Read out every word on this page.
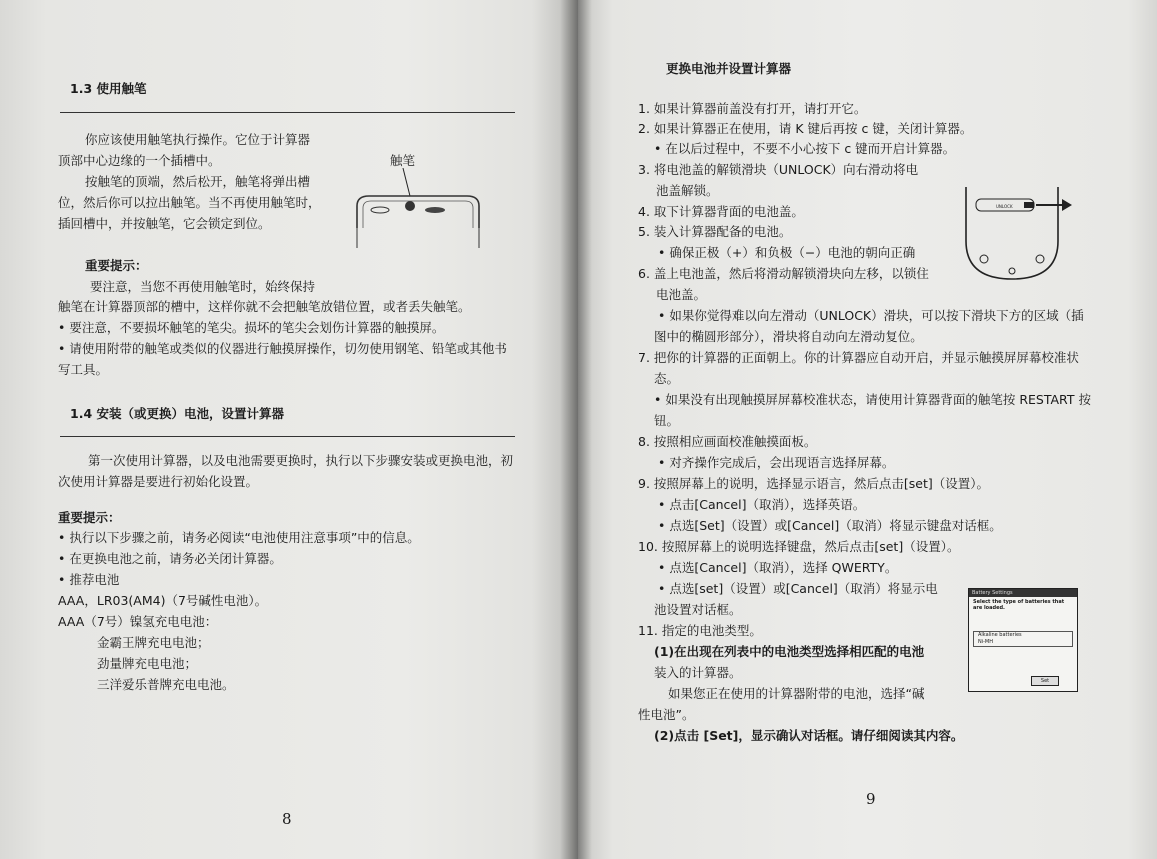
1.3 使用触笔
你应该使用触笔执行操作。它位于计算器
顶部中心边缘的一个插槽中。	触笔
按触笔的顶端，然后松开，触笔将弹出槽
位，然后你可以拉出触笔。当不再使用触笔时，
插回槽中，并按触笔，它会锁定到位。
重要提示：
要注意，当您不再使用触笔时，始终保持
触笔在计算器顶部的槽中，这样你就不会把触笔放错位置，或者丢失触笔。
• 要注意，不要损坏触笔的笔尖。损坏的笔尖会划伤计算器的触摸屏。
• 请使用附带的触笔或类似的仪器进行触摸屏操作，切勿使用钢笔、铅笔或其他书
写工具。
1.4 安装（或更换）电池，设置计算器
第一次使用计算器，以及电池需要更换时，执行以下步骤安装或更换电池，初
次使用计算器是要进行初始化设置。
重要提示：
• 执行以下步骤之前，请务必阅读“电池使用注意事项”中的信息。
• 在更换电池之前，请务必关闭计算器。
• 推荐电池
AAA，LR03(AM4)（7号碱性电池）。
AAA（7号）镍氢充电电池：
金霸王牌充电电池；
劲量牌充电电池；
三洋爱乐普牌充电电池。
8
更换电池并设置计算器
1. 如果计算器前盖没有打开，请打开它。
2. 如果计算器正在使用，请 K 键后再按 c 键，关闭计算器。
• 在以后过程中，不要不小心按下 c 键而开启计算器。
3. 将电池盖的解锁滑块（UNLOCK）向右滑动将电
池盖解锁。
4. 取下计算器背面的电池盖。
5. 装入计算器配备的电池。
• 确保正极（+）和负极（−）电池的朝向正确
6. 盖上电池盖，然后将滑动解锁滑块向左移，以锁住
电池盖。
UNLOCK
• 如果你觉得难以向左滑动（UNLOCK）滑块，可以按下滑块下方的区域（插
图中的椭圆形部分），滑块将自动向左滑动复位。
7. 把你的计算器的正面朝上。你的计算器应自动开启，并显示触摸屏屏幕校准状
态。
• 如果没有出现触摸屏屏幕校准状态，请使用计算器背面的触笔按 RESTART 按
钮。
8. 按照相应画面校准触摸面板。
• 对齐操作完成后，会出现语言选择屏幕。
9. 按照屏幕上的说明，选择显示语言，然后点击[set]（设置）。
• 点击[Cancel]（取消），选择英语。
• 点选[Set]（设置）或[Cancel]（取消）将显示键盘对话框。
10. 按照屏幕上的说明选择键盘，然后点击[set]（设置）。
• 点选[Cancel]（取消），选择 QWERTY。
• 点选[set]（设置）或[Cancel]（取消）将显示电
池设置对话框。
11. 指定的电池类型。
(1)在出现在列表中的电池类型选择相匹配的电池
装入的计算器。
如果您正在使用的计算器附带的电池，选择“碱
性电池”。
(2)点击 [Set]，显示确认对话框。请仔细阅读其内容。
Battery Settings
Select the type of batteries that are loaded.
Alkaline batteries
Ni-MH
Set
9
